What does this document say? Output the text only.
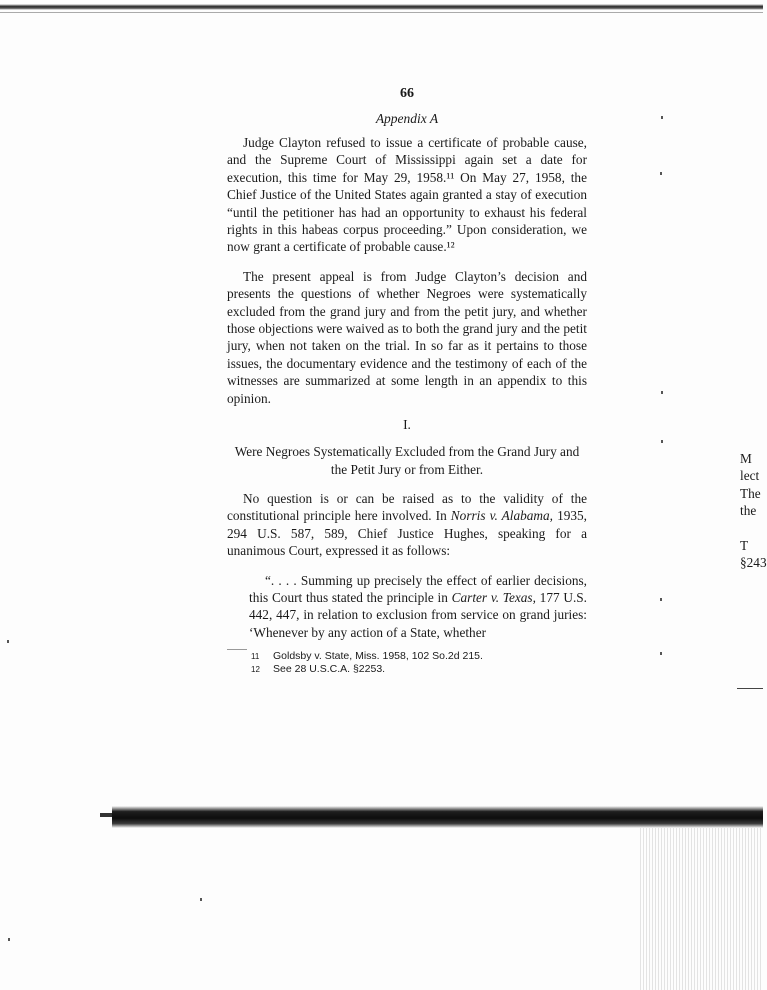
66
Appendix A

Judge Clayton refused to issue a certificate of probable cause, and the Supreme Court of Mississippi again set a date for execution, this time for May 29, 1958.¹¹ On May 27, 1958, the Chief Justice of the United States again granted a stay of execution “until the petitioner has had an opportunity to exhaust his federal rights in this habeas corpus proceeding.” Upon consideration, we now grant a certificate of probable cause.¹²

The present appeal is from Judge Clayton’s decision and presents the questions of whether Negroes were systematically excluded from the grand jury and from the petit jury, and whether those objections were waived as to both the grand jury and the petit jury, when not taken on the trial. In so far as it pertains to those issues, the documentary evidence and the testimony of each of the witnesses are summarized at some length in an appendix to this opinion.

I.
Were Negroes Systematically Excluded from the Grand Jury and the Petit Jury or from Either.

No question is or can be raised as to the validity of the constitutional principle here involved. In Norris v. Alabama, 1935, 294 U.S. 587, 589, Chief Justice Hughes, speaking for a unanimous Court, expressed it as follows:

“. . . . Summing up precisely the effect of earlier decisions, this Court thus stated the principle in Carter v. Texas, 177 U.S. 442, 447, in relation to exclusion from service on grand juries: ‘Whenever by any action of a State, whether

11 Goldsby v. State, Miss. 1958, 102 So.2d 215.
12 See 28 U.S.C.A. §2253.
M
lect
The
the
T
§243
